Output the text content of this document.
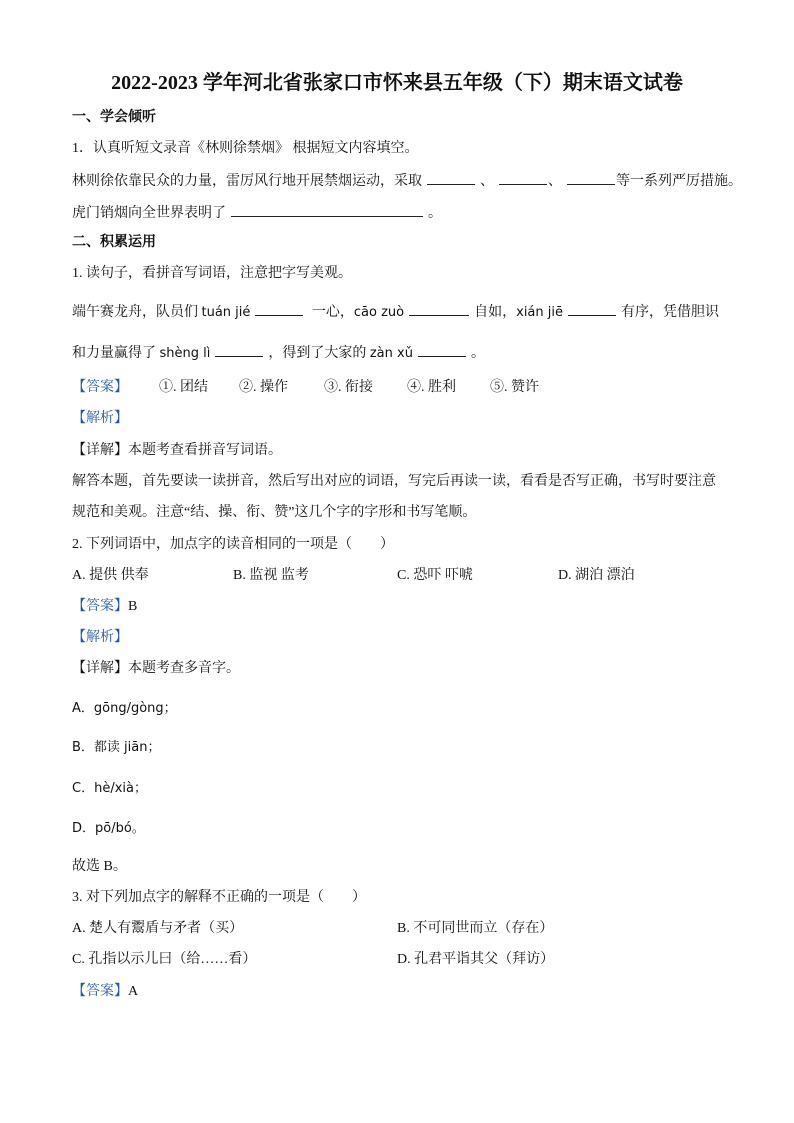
2022-2023 学年河北省张家口市怀来县五年级（下）期末语文试卷
一、学会倾听
1．认真听短文录音《林则徐禁烟》 根据短文内容填空。
林则徐依靠民众的力量，雷厉风行地开展禁烟运动，采取	、	、	等一系列严厉措施。
虎门销烟向全世界表明了	。
二、积累运用
1. 读句子，看拼音写词语，注意把字写美观。
端午赛龙舟，队员们 tuán jié	一心，cāo zuò	自如，xián jiē	有序，凭借胆识
和力量赢得了 shèng lì	，得到了大家的 zàn xǔ	。
【答案】 ①. 团结 ②. 操作	③. 衔接 ④. 胜利 ⑤. 赞许
【解析】
【详解】本题考查看拼音写词语。
解答本题，首先要读一读拼音，然后写出对应的词语，写完后再读一读，看看是否写正确，书写时要注意
规范和美观。注意“结、操、衔、赞”这几个字的字形和书写笔顺。
2. 下列词语中，加点字的读音相同的一项是（　　）
A. 提供 供奉	B. 监视 监考	C. 恐吓 吓唬	D. 湖泊 漂泊
【答案】B
【解析】
【详解】本题考查多音字。
A．gōng/gòng；
B．都读 jiān；
C．hè/xià；
D．pō/bó。
故选 B。
3. 对下列加点字的解释不正确的一项是（　　）
A. 楚人有鬻盾与矛者（买）	B. 不可同世而立（存在）
C. 孔指以示儿曰（给……看）	D. 孔君平诣其父（拜访）
【答案】A
